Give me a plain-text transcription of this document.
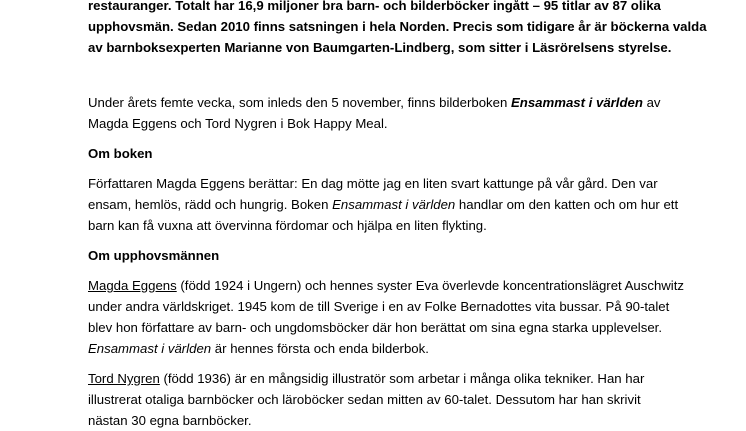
restauranger. Totalt har 16,9 miljoner bra barn- och bilderböcker ingått – 95 titlar av 87 olika

upphovsmän. Sedan 2010 finns satsningen i hela Norden. Precis som tidigare år är böckerna valda

av barnboksexperten Marianne von Baumgarten-Lindberg, som sitter i Läsrörelsens styrelse.

Under årets femte vecka, som inleds den 5 november, finns bilderboken Ensammast i världen av

Magda Eggens och Tord Nygren i Bok Happy Meal.

Om boken

Författaren Magda Eggens berättar: En dag mötte jag en liten svart kattunge på vår gård. Den var

ensam, hemlös, rädd och hungrig. Boken Ensammast i världen handlar om den katten och om hur ett

barn kan få vuxna att övervinna fördomar och hjälpa en liten flykting.

Om upphovsmännen

Magda Eggens (född 1924 i Ungern) och hennes syster Eva överlevde koncentrationslägret Auschwitz

under andra världskriget. 1945 kom de till Sverige i en av Folke Bernadottes vita bussar. På 90-talet

blev hon författare av barn- och ungdomsböcker där hon berättat om sina egna starka upplevelser.

Ensammast i världen är hennes första och enda bilderbok.

Tord Nygren (född 1936) är en mångsidig illustratör som arbetar i många olika tekniker. Han har

illustrerat otaliga barnböcker och läroböcker sedan mitten av 60-talet. Dessutom har han skrivit

nästan 30 egna barnböcker.
